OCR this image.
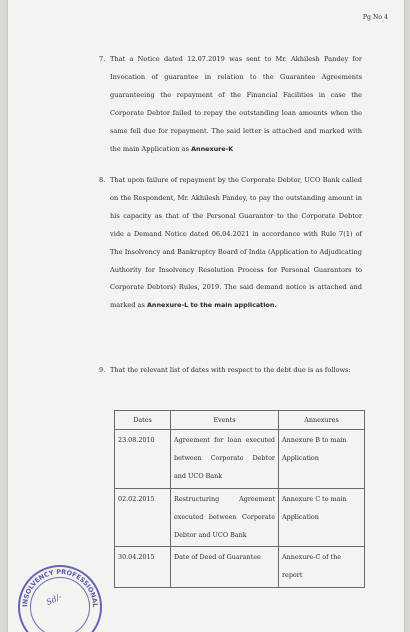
Pg No 4
7. That a Notice dated 12.07.2019 was sent to Mr. Akhilesh Pandey for Invocation of guarantee in relation to the Guarantee Agreements guaranteeing the repayment of the Financial Facilities in case the Corporate Debtor failed to repay the outstanding loan amounts when the same fell due for repayment. The said letter is attached and marked with the main Application as Annexure-K

8. That upon failure of repayment by the Corporate Debtor, UCO Bank called on the Respondent, Mr. Akhilesh Pandey, to pay the outstanding amount in his capacity as that of the Personal Guarantor to the Corporate Debtor vide a Demand Notice dated 06.04.2021 in accordance with Rule 7(1) of The Insolvency and Bankruptcy Board of India (Application to Adjudicating Authority for Insolvency Resolution Process for Personal Guarantors to Corporate Debtors) Rules, 2019. The said demand notice is attached and marked as Annexure-L to the main application.

9. That the relevant list of dates with respect to the debt due is as follows:

Dates	Events	Annexures
23.08.2010	Agreement for loan executed between Corporate Debtor and UCO Bank	Annexure B to main Application
02.02.2015	Restructuring Agreement executed between Corporate Debtor and UCO Bank	Annexure C to main Application
30.04.2015	Date of Deed of Guarantee	Annexure-C of the report
INSOLVENCY PROFESSIONAL
Sd/-
